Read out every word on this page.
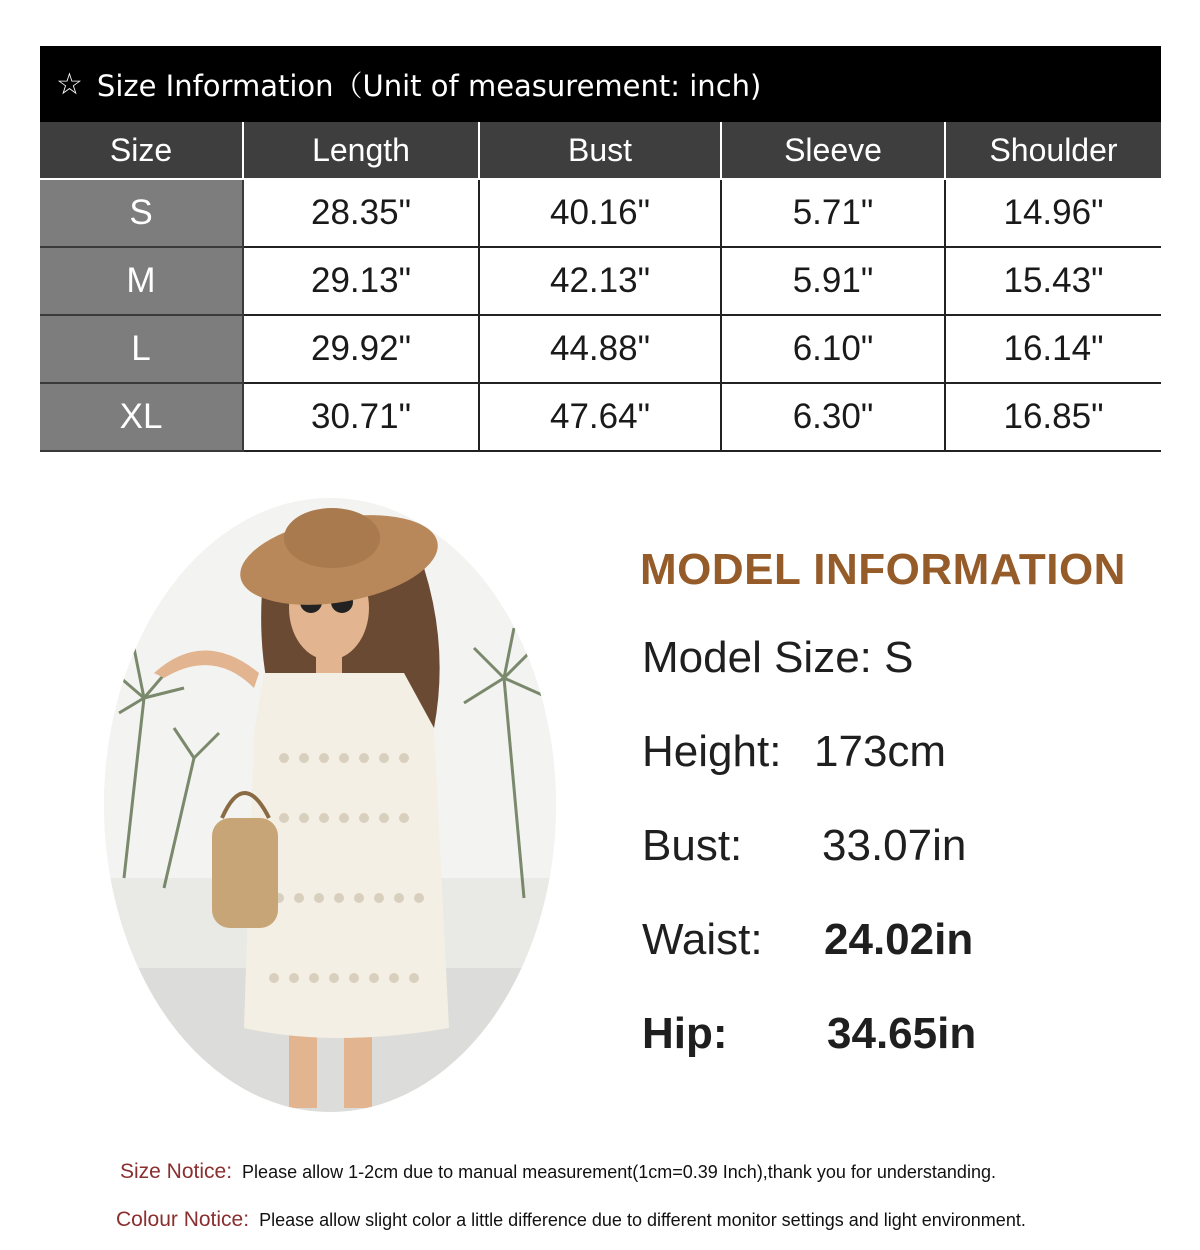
☆ Size Information（Unit of measurement: inch)
Size	Length	Bust	Sleeve	Shoulder
S	28.35"	40.16"	5.71"	14.96"
M	29.13"	42.13"	5.91"	15.43"
L	29.92"	44.88"	6.10"	16.14"
XL	30.71"	47.64"	6.30"	16.85"
MODEL INFORMATION
Model Size: S
Height: 173cm
Bust: 33.07in
Waist: 24.02in
Hip: 34.65in
Size Notice: Please allow 1-2cm due to manual measurement(1cm=0.39 Inch),thank you for understanding.
Colour Notice: Please allow slight color a little difference due to different monitor settings and light environment.
